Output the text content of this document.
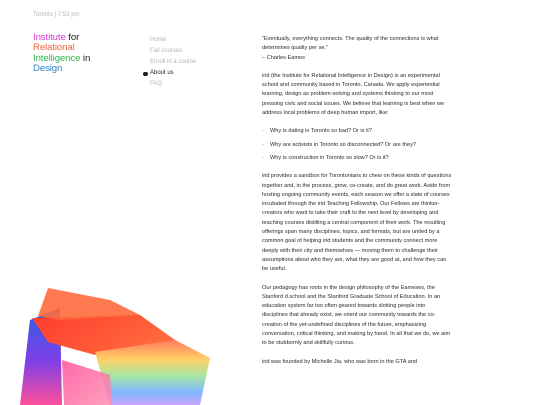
Toronto | 7:53 pm
Institute for
Relational
Intelligence in
Design
Home
Fall courses
Enroll in a course
About us
FAQ
“Eventually, everything connects. The quality of the connections is what determines quality per se.”
– Charles Eames

irid (the Institute for Relational Intelligence in Design) is an experimental school and community based in Toronto, Canada. We apply experiential learning, design as problem-solving and systems thinking to our most pressing civic and social issues. We believe that learning is best when we address local problems of deep human import, like:

· Why is dating in Toronto so bad? Or is it?
· Why are activists in Toronto so disconnected? Or are they?
· Why is construction in Toronto so slow? Or is it?

irid provides a sandbox for Torontonians to chew on these kinds of questions together and, in the process, grow, co-create, and do great work. Aside from hosting ongoing community events, each season we offer a slate of courses incubated through the irid Teaching Fellowship. Our Fellows are thinker-creators who want to take their craft to the next level by developing and teaching courses distilling a central component of their work. The resulting offerings span many disciplines, topics, and formats, but are united by a common goal of helping irid students and the community connect more deeply with their city and themselves — moving them to challenge their assumptions about who they are, what they are good at, and how they can be useful.

Our pedagogy has roots in the design philosophy of the Eameses, the Stanford d.school and the Stanford Graduate School of Education. In an education system far too often geared towards slotting people into disciplines that already exist, we orient our community towards the co-creation of the yet-undefined disciplines of the future, emphasizing conversation, critical thinking, and making by hand. In all that we do, we aim to be stubbornly and skillfully curious.

irid was founded by Michelle Jia, who was born in the GTA and
